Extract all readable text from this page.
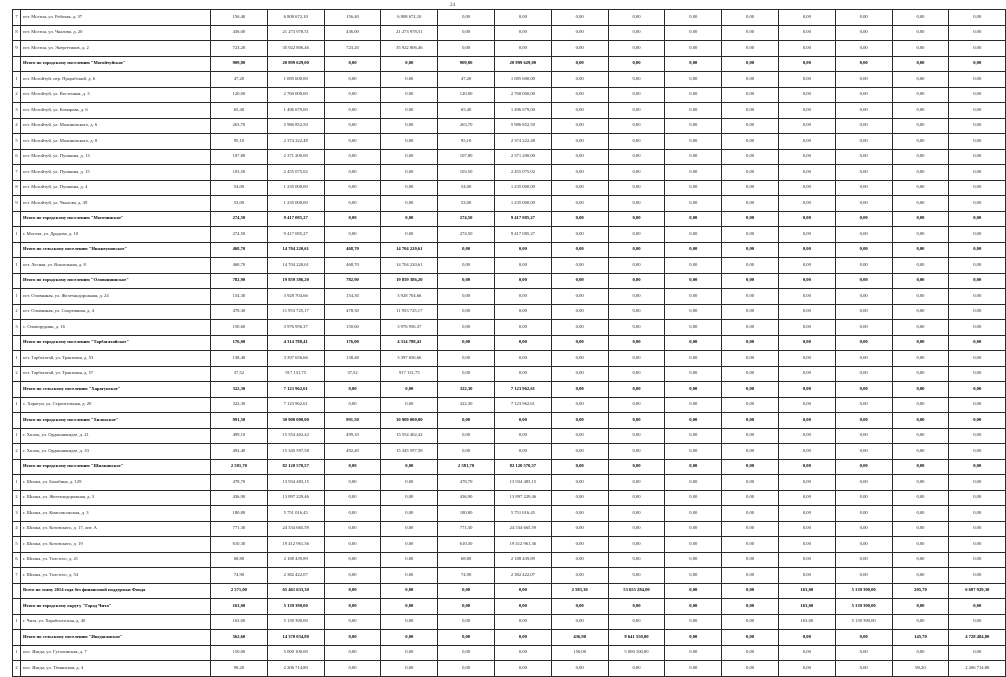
24
7	пгт. Могзон, ул. Рабочая, д. 37	156,40	6 808 672,10	156,40	6 808 672,10	0,00	0,00	0,00	0,00	0,00	0,00	0,00	0,00	0,00	0,00
8	пгт. Могзон, ул. Чкалова, д. 20	436,00	21 273 978,51	436,00	21 273 978,51	0,00	0,00	0,00	0,00	0,00	0,00	0,00	0,00	0,00	0,00
9	пгт. Могзон, ул. Энергетиков, д. 2	723,20	35 922 806,46	723,20	35 922 806,46	0,00	0,00	0,00	0,00	0,00	0,00	0,00	0,00	0,00	0,00
	Итого по городскому поселению "Могойтуйское"	909,80	20 899 629,00	0,00	0,00	909,80	20 899 629,00	0,00	0,00	0,00	0,00	0,00	0,00	0,00	0,00
1	пгт. Могойтуй, пер. Прорабский, д. 6	47,20	1 085 600,00	0,00	0,00	47,20	1 085 600,00	0,00	0,00	0,00	0,00	0,00	0,00	0,00	0,00
2	пгт. Могойтуй, ул. Восточная, д. 3	120,00	2 760 000,00	0,00	0,00	120,00	2 760 000,00	0,00	0,00	0,00	0,00	0,00	0,00	0,00	0,00
3	пгт. Могойтуй, ул. Комарова, д. 6	65,40	1 496 679,00	0,00	0,00	65,40	1 496 679,00	0,00	0,00	0,00	0,00	0,00	0,00	0,00	0,00
4	пгт. Могойтуй, ул. Малиновского, д. 6	263,70	5 986 852,50	0,00	0,00	263,70	5 986 852,50	0,00	0,00	0,00	0,00	0,00	0,00	0,00	0,00
5	пгт. Могойтуй, ул. Малиновского, д. 8	95,10	2 374 222,48	0,00	0,00	95,10	2 374 222,48	0,00	0,00	0,00	0,00	0,00	0,00	0,00	0,00
6	пгт. Могойтуй, ул. Пушкина, д. 13	107,80	2 371 200,00	0,00	0,00	107,80	2 371 200,00	0,00	0,00	0,00	0,00	0,00	0,00	0,00	0,00
7	пгт. Могойтуй, ул. Пушкина, д. 15	103,50	2 455 075,02	0,00	0,00	103,50	2 455 075,02	0,00	0,00	0,00	0,00	0,00	0,00	0,00	0,00
8	пгт. Могойтуй, ул. Пушкина, д. 4	54,00	1 235 000,00	0,00	0,00	54,00	1 235 000,00	0,00	0,00	0,00	0,00	0,00	0,00	0,00	0,00
9	пгт. Могойтуй, ул. Чкалова, д. 49	53,00	1 235 000,00	0,00	0,00	53,00	1 235 000,00	0,00	0,00	0,00	0,00	0,00	0,00	0,00	0,00
	Итого по городскому поселению "Могочинское"	274,50	9 417 085,27	0,00	0,00	274,50	9 417 085,27	0,00	0,00	0,00	0,00	0,00	0,00	0,00	0,00
1	г. Могоча, ул. Дродова, д. 10	274,50	9 417 085,27	0,00	0,00	274,50	9 417 085,27	0,00	0,00	0,00	0,00	0,00	0,00	0,00	0,00
	Итого по сельскому поселению "Нижнеумовское"	468,70	14 704 220,61	468,70	14 704 220,61	0,00	0,00	0,00	0,00	0,00	0,00	0,00	0,00	0,00	0,00
1	пгт. Лесная, ул. Вокзальная, д. 8	468,70	14 704 220,61	468,70	14 704 220,61	0,00	0,00	0,00	0,00	0,00	0,00	0,00	0,00	0,00	0,00
	Итого по городскому поселению "Оловяннинское"	782,90	19 859 386,20	782,90	19 859 386,20	0,00	0,00	0,00	0,00	0,00	0,00	0,00	0,00	0,00	0,00
1	пгт. Оловянная, ул. Железнодорожная, д. 24	154,30	3 928 704,66	154,30	3 928 704,66	0,00	0,00	0,00	0,00	0,00	0,00	0,00	0,00	0,00	0,00
2	пгт. Оловянная, ул. Спортивная, д. 4	478,30	11 953 725,17	478,30	11 953 725,17	0,00	0,00	0,00	0,00	0,00	0,00	0,00	0,00	0,00	0,00
3	с. Оловорудник, д. 16	150,60	3 976 956,37	150,60	3 976 956,37	0,00	0,00	0,00	0,00	0,00	0,00	0,00	0,00	0,00	0,00
	Итого по городскому поселению "Тарбагатайское"	176,00	4 314 788,41	176,00	4 314 788,41	0,00	0,00	0,00	0,00	0,00	0,00	0,00	0,00	0,00	0,00
1	пгт. Тарбагатай, ул. Трактовая, д. 53	138,48	3 397 656,66	138,48	3 397 656,66	0,00	0,00	0,00	0,00	0,00	0,00	0,00	0,00	0,00	0,00
2	пгт. Тарбагатай, ул. Трактовая, д. 57	37,52	917 131,75	37,52	917 131,75	0,00	0,00	0,00	0,00	0,00	0,00	0,00	0,00	0,00	0,00
	Итого по сельскому поселению "Харагунское"	322,30	7 123 962,61	0,00	0,00	322,30	7 123 962,61	0,00	0,00	0,00	0,00	0,00	0,00	0,00	0,00
1	с. Харагун, ул. Строительная, д. 20	322,30	7 123 962,61	0,00	0,00	322,30	7 123 962,61	0,00	0,00	0,00	0,00	0,00	0,00	0,00	0,00
	Итого по городскому поселению "Хилокское"	991,50	30 900 000,00	991,50	30 900 000,00	0,00	0,00	0,00	0,00	0,00	0,00	0,00	0,00	0,00	0,00
1	г. Хилок, ул. Орджоникидзе, д. 21	499,10	15 554 402,42	499,10	15 554 402,42	0,00	0,00	0,00	0,00	0,00	0,00	0,00	0,00	0,00	0,00
2	г. Хилок, ул. Орджоникидзе, д. 33	492,40	15 345 597,58	492,40	15 345 597,58	0,00	0,00	0,00	0,00	0,00	0,00	0,00	0,00	0,00	0,00
	Итого по городскому поселению "Шилкинское"	2 581,70	82 120 570,57	0,00	0,00	2 581,70	82 120 570,57	0,00	0,00	0,00	0,00	0,00	0,00	0,00	0,00
1	г. Шилка, ул. Балабина, д. 129	478,70	13 934 483,15	0,00	0,00	478,70	13 934 483,15	0,00	0,00	0,00	0,00	0,00	0,00	0,00	0,00
2	г. Шилка, ул. Железнодорожная, д. 3	436,90	13 897 229,46	0,00	0,00	436,90	13 897 229,46	0,00	0,00	0,00	0,00	0,00	0,00	0,00	0,00
3	г. Шилка, ул. Комсомольская, д. 3	180,80	5 751 016,45	0,00	0,00	180,80	5 751 016,45	0,00	0,00	0,00	0,00	0,00	0,00	0,00	0,00
4	г. Шилка, ул. Котовского, д. 17, лит. А	771,30	24 534 665,59	0,00	0,00	771,30	24 534 665,59	0,00	0,00	0,00	0,00	0,00	0,00	0,00	0,00
5	г. Шилка, ул. Котовского, д. 19	610,30	19 412 961,36	0,00	0,00	610,30	19 412 961,36	0,00	0,00	0,00	0,00	0,00	0,00	0,00	0,00
6	г. Шилка, ул. Толстого, д. 21	68,80	2 188 439,89	0,00	0,00	68,80	2 188 439,89	0,00	0,00	0,00	0,00	0,00	0,00	0,00	0,00
7	г. Шилка, ул. Толстого, д. 54	74,90	2 382 422,07	0,00	0,00	74,90	2 382 422,07	0,00	0,00	0,00	0,00	0,00	0,00	0,00	0,00
	Всего по этапу 2014 года без финансовой поддержки Фонда	2 571,00	65 461 633,30	0,00	0,00	0,00	0,00	2 583,30	53 655 284,00	0,00	0,00	163,00	5 139 390,00	205,70	6 687 929,30
	Итого по городскому округу "Город Чита"	163,00	5 139 390,00	0,00	0,00	0,00	0,00	0,00	0,00	0,00	0,00	163,00	5 139 390,00	0,00	0,00
1	г. Чита, ул. Харабогатская, д. 40	163,00	5 139 390,00	0,00	0,00	0,00	0,00	0,00	0,00	0,00	0,00	163,00	5 139 390,00	0,00	0,00
	Итого по сельскому поселению "Ингдаганское"	562,60	14 370 034,80	0,00	0,00	0,00	0,00	436,90	9 641 550,00	0,00	0,00	0,00	0,00	145,70	4 728 484,80
1	пос. Ингда, ул. Гуталинская, д. 7	150,00	5 000 100,00	0,00	0,00	0,00	0,00	150,00	5 000 100,00	0,00	0,00	0,00	0,00	0,00	0,00
2	пос. Ингда, ул. Тёмниская, д. 4	90,20	2 206 714,80	0,00	0,00	0,00	0,00	0,00	0,00	0,00	0,00	0,00	0,00	90,20	2 206 714,80
